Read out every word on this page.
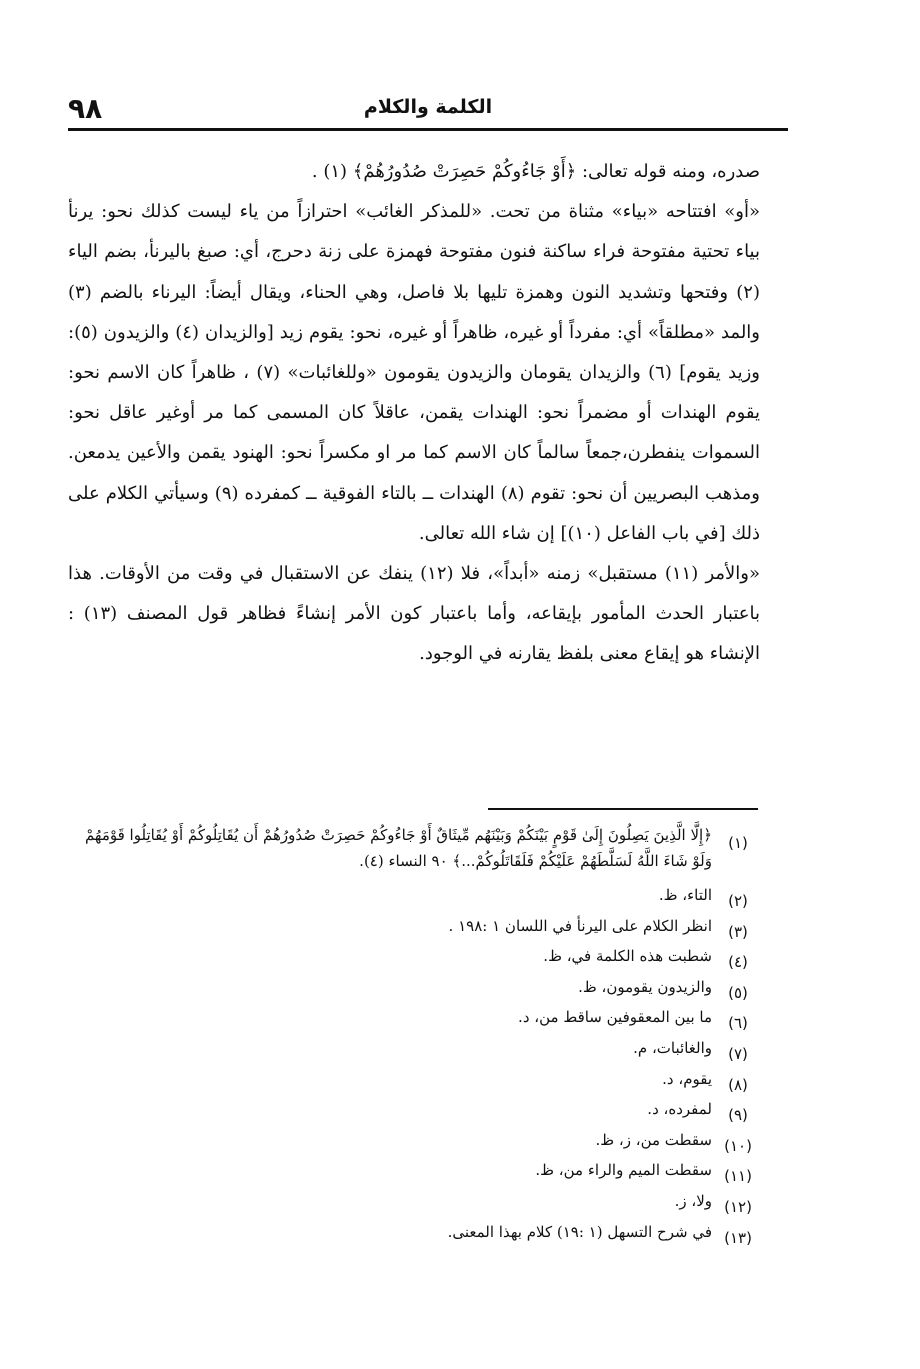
٩٨	الكلمة والكلام

صدره، ومنه قوله تعالى: ﴿أَوْ جَاءُوكُمْ حَصِرَتْ صُدُورُهُمْ﴾ (١) .

«أو» افتتاحه «بياء» مثناة من تحت. «للمذكر الغائب» احترازاً من ياء ليست كذلك نحو: يرنأ بياء تحتية مفتوحة فراء ساكنة فنون مفتوحة فهمزة على زنة دحرج، أي: صبغ باليرنأ، بضم الياء (٢) وفتحها وتشديد النون وهمزة تليها بلا فاصل، وهي الحناء، ويقال أيضاً: اليرناء بالضم (٣) والمد «مطلقاً» أي: مفرداً أو غيره، ظاهراً أو غيره، نحو: يقوم زيد [والزيدان (٤) والزيدون (٥): وزيد يقوم] (٦) والزيدان يقومان والزيدون يقومون «وللغائبات» (٧) ، ظاهراً كان الاسم نحو: يقوم الهندات أو مضمراً نحو: الهندات يقمن، عاقلاً كان المسمى كما مر أوغير عاقل نحو: السموات ينفطرن،جمعاً سالماً كان الاسم كما مر او مكسراً نحو: الهنود يقمن والأعين يدمعن. ومذهب البصريين أن نحو: تقوم (٨) الهندات ــ بالتاء الفوقية ــ كمفرده (٩) وسيأتي الكلام على ذلك [في باب الفاعل (١٠)] إن شاء الله تعالى.

«والأمر (١١) مستقبل» زمنه «أبداً»، فلا (١٢) ينفك عن الاستقبال في وقت من الأوقات. هذا باعتبار الحدث المأمور بإيقاعه، وأما باعتبار كون الأمر إنشاءً فظاهر قول المصنف (١٣) : الإنشاء هو إيقاع معنى بلفظ يقارنه في الوجود.

(١)
﴿إِلَّا الَّذِينَ يَصِلُونَ إِلَىٰ قَوْمٍ بَيْنَكُمْ وَبَيْنَهُم مِّيثَاقٌ أَوْ جَاءُوكُمْ حَصِرَتْ صُدُورُهُمْ أَن يُقَاتِلُوكُمْ أَوْ يُقَاتِلُوا قَوْمَهُمْ وَلَوْ شَاءَ اللَّهُ لَسَلَّطَهُمْ عَلَيْكُمْ فَلَقَاتَلُوكُمْ...﴾ ٩٠ النساء (٤).
(٢)
التاء، ظ.
(٣)
انظر الكلام على اليرنأ في اللسان ١ :١٩٨ .
(٤)
شطبت هذه الكلمة في، ظ.
(٥)
والزيدون يقومون، ظ.
(٦)
ما بين المعقوفين ساقط من، د.
(٧)
والغائبات، م.
(٨)
يقوم، د.
(٩)
لمفرده، د.
(١٠)
سقطت من، ز، ظ.
(١١)
سقطت الميم والراء من، ظ.
(١٢)
ولا، ز.
(١٣)
في شرح التسهل (١ :١٩) كلام بهذا المعنى.
